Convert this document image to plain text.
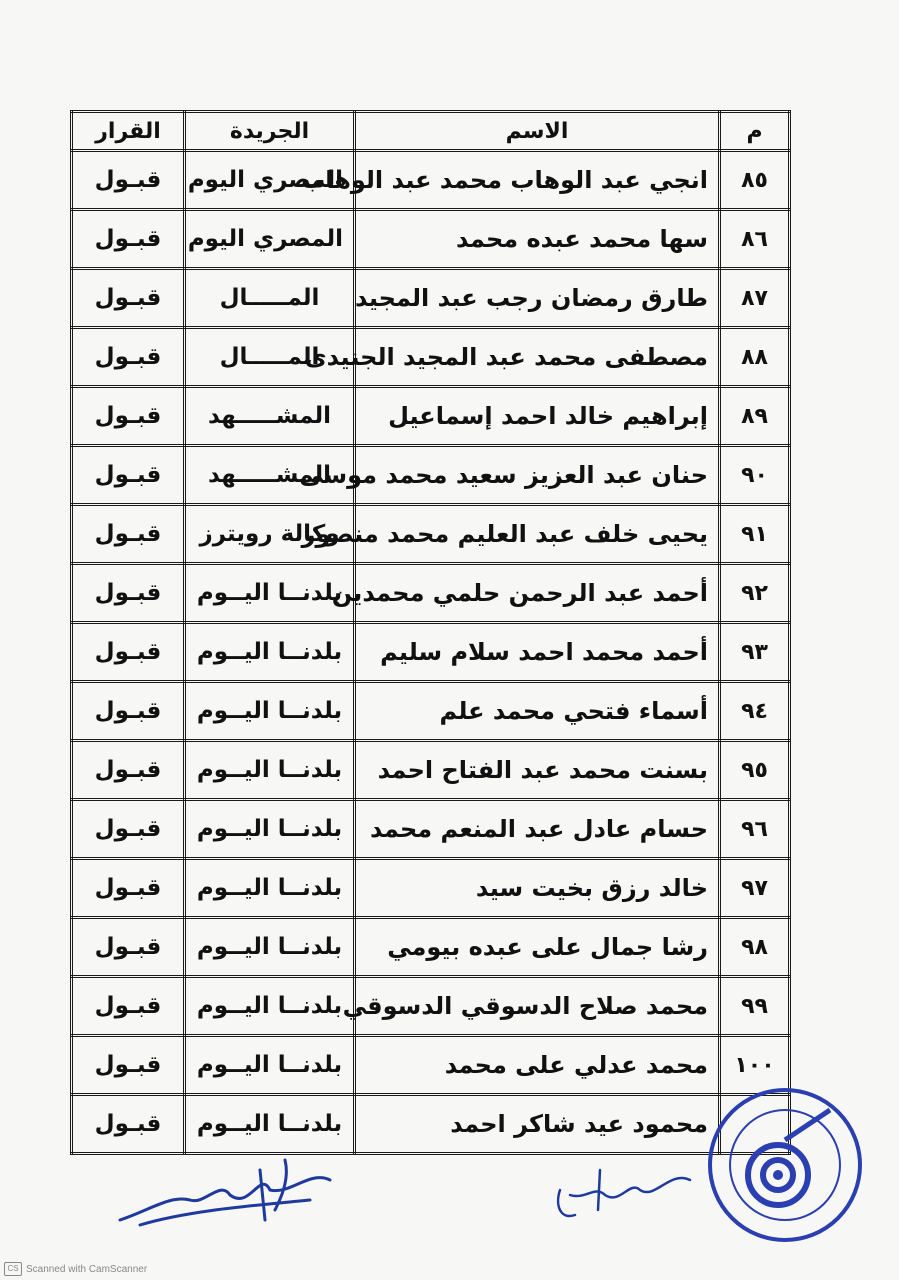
م	الاسم	الجريدة	القرار
٨٥	انجي عبد الوهاب محمد عبد الوهاب	المصري اليوم	قبـول
٨٦	سها محمد عبده محمد	المصري اليوم	قبـول
٨٧	طارق رمضان رجب عبد المجيد	المـــــال	قبـول
٨٨	مصطفى محمد عبد المجيد الجنيدى	المـــــال	قبـول
٨٩	إبراهيم خالد احمد إسماعيل	المشـــــهد	قبـول
٩٠	حنان عبد العزيز سعيد محمد موسى	المشـــــهد	قبـول
٩١	يحيى خلف عبد العليم محمد منصور	وكالة رويترز	قبـول
٩٢	أحمد عبد الرحمن حلمي محمدين	بلدنــا اليــوم	قبـول
٩٣	أحمد محمد احمد سلام سليم	بلدنــا اليــوم	قبـول
٩٤	أسماء فتحي محمد علم	بلدنــا اليــوم	قبـول
٩٥	بسنت محمد عبد الفتاح احمد	بلدنــا اليــوم	قبـول
٩٦	حسام عادل عبد المنعم محمد	بلدنــا اليــوم	قبـول
٩٧	خالد رزق بخيت سيد	بلدنــا اليــوم	قبـول
٩٨	رشا جمال على عبده بيومي	بلدنــا اليــوم	قبـول
٩٩	محمد صلاح الدسوقي الدسوقي	بلدنــا اليــوم	قبـول
١٠٠	محمد عدلي على محمد	بلدنــا اليــوم	قبـول
	محمود عيد شاكر احمد	بلدنــا اليــوم	قبـول
CS Scanned with CamScanner
